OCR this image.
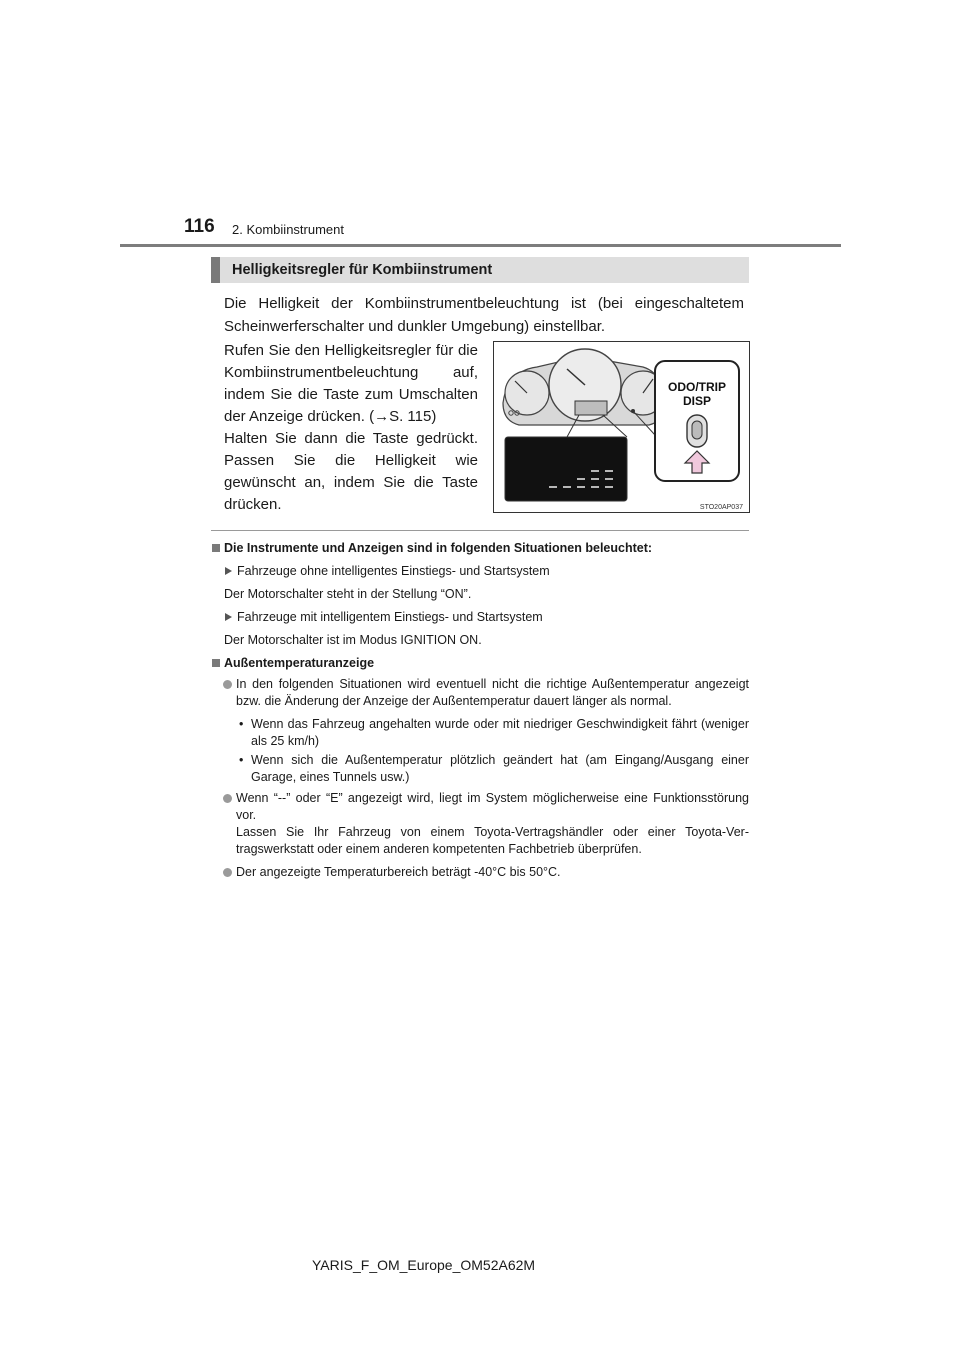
116 2. Kombiinstrument
Helligkeitsregler für Kombiinstrument
Die Helligkeit der Kombiinstrumentbeleuchtung ist (bei eingeschaltetem Scheinwerferschalter und dunkler Umgebung) einstellbar.

Rufen Sie den Helligkeitsregler für die Kombiinstrumentbeleuchtung auf, indem Sie die Taste zum Umschalten der Anzeige drücken. (→S. 115)

Halten Sie dann die Taste gedrückt. Passen Sie die Helligkeit wie gewünscht an, indem Sie die Taste drücken.

ODO/TRIP
DISP
STO20AP037
Die Instrumente und Anzeigen sind in folgenden Situationen beleuchtet:
Fahrzeuge ohne intelligentes Einstiegs- und Startsystem
Der Motorschalter steht in der Stellung “ON”.
Fahrzeuge mit intelligentem Einstiegs- und Startsystem
Der Motorschalter ist im Modus IGNITION ON.
Außentemperaturanzeige
In den folgenden Situationen wird eventuell nicht die richtige Außentemperatur angezeigt bzw. die Änderung der Anzeige der Außentemperatur dauert länger als normal.
• Wenn das Fahrzeug angehalten wurde oder mit niedriger Geschwindigkeit fährt (weniger als 25 km/h)
• Wenn sich die Außentemperatur plötzlich geändert hat (am Eingang/Ausgang einer Garage, eines Tunnels usw.)
Wenn “--” oder “E” angezeigt wird, liegt im System möglicherweise eine Funktionsstörung vor.
Lassen Sie Ihr Fahrzeug von einem Toyota-Vertragshändler oder einer Toyota-Vertragswerkstatt oder einem anderen kompetenten Fachbetrieb überprüfen.
Der angezeigte Temperaturbereich beträgt -40°C bis 50°C.
YARIS_F_OM_Europe_OM52A62M
